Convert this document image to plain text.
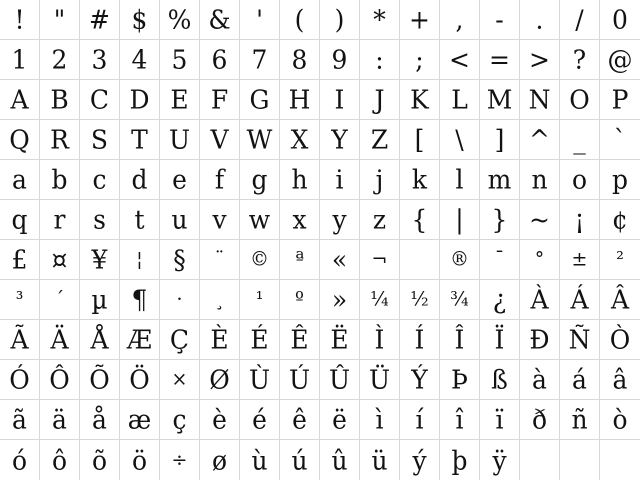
! " # $ % & ' ( ) * + , - . / 0
1 2 3 4 5 6 7 8 9 : ; < = > ? @
A B C D E F G H I J K L M N O P
Q R S T U V W X Y Z [ \ ] ^ _ `
a b c d e f g h i j k l m n o p
q r s t u v w x y z { | } ~ ¡ ¢
£ ¤ ¥ ¦ § ¨ © ª « ¬	® ¯ ° ± ²
³ ´ µ ¶ · ¸ ¹ º » ¼ ½ ¾ ¿ À Á Â
Ã Ä Å Æ Ç È É Ê Ë Ì Í Î Ï Ð Ñ Ò
Ó Ô Õ Ö × Ø Ù Ú Û Ü Ý Þ ß à á â
ã ä å æ ç è é ê ë ì í î ï ð ñ ò
ó ô õ ö ÷ ø ù ú û ü ý þ ÿ
